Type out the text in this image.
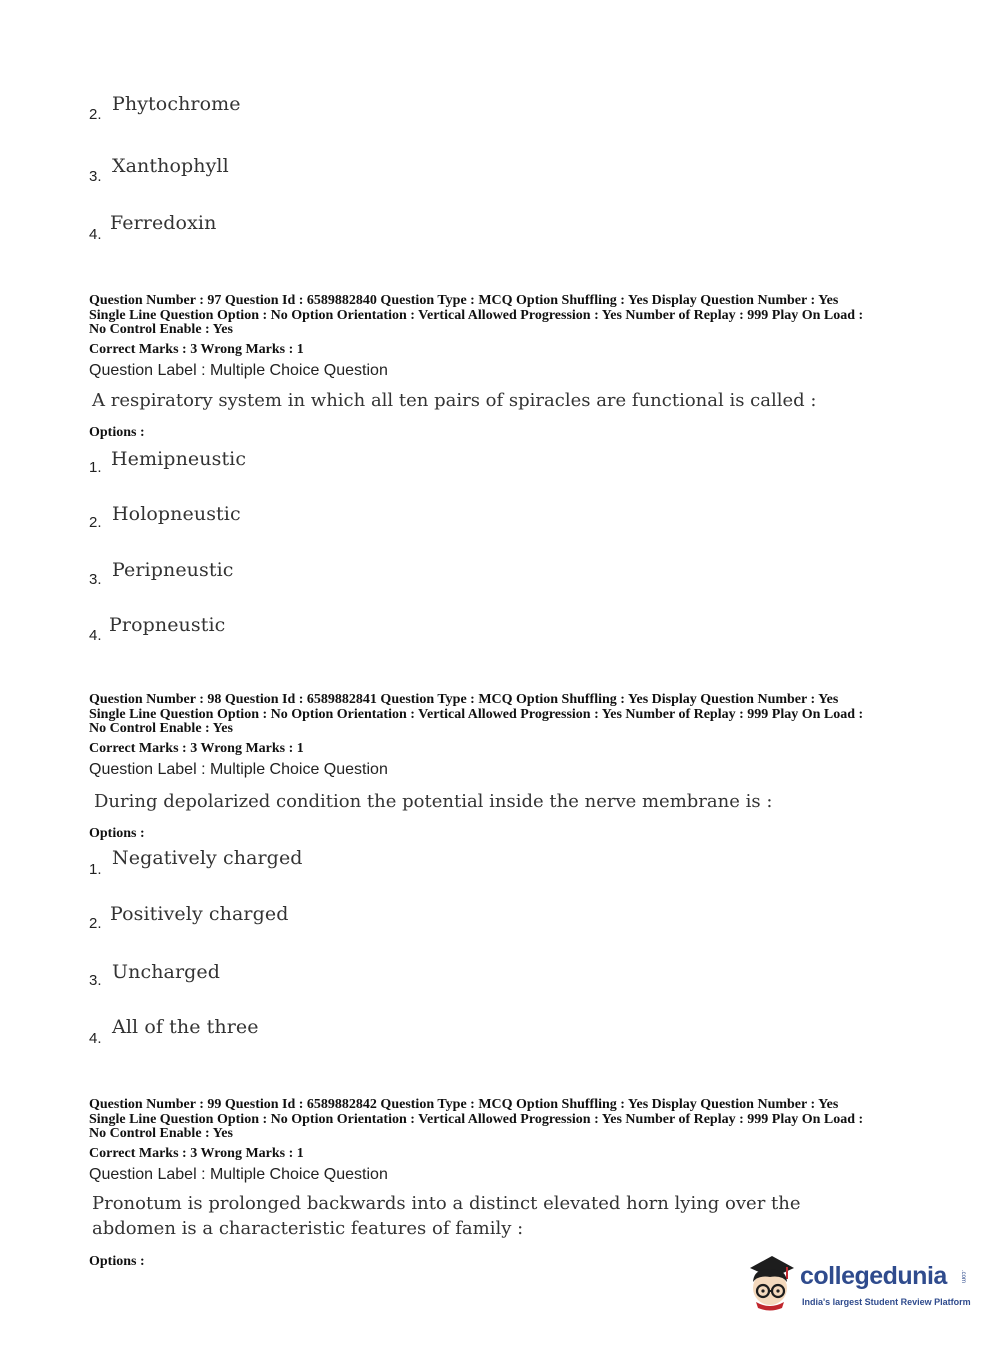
2. Phytochrome
3. Xanthophyll
4.
Ferredoxin
Question Number : 97 Question Id : 6589882840 Question Type : MCQ Option Shuffling : Yes Display Question Number : Yes
Single Line Question Option : No Option Orientation : Vertical Allowed Progression : Yes Number of Replay : 999 Play On Load :
No Control Enable : Yes
Correct Marks : 3 Wrong Marks : 1
Question Label : Multiple Choice Question
A respiratory system in which all ten pairs of spiracles are functional is called :
Options :
1. Hemipneustic
2. Holopneustic
3. Peripneustic
4. Propneustic
Question Number : 98 Question Id : 6589882841 Question Type : MCQ Option Shuffling : Yes Display Question Number : Yes
Single Line Question Option : No Option Orientation : Vertical Allowed Progression : Yes Number of Replay : 999 Play On Load :
No Control Enable : Yes
Correct Marks : 3 Wrong Marks : 1
Question Label : Multiple Choice Question
During depolarized condition the potential inside the nerve membrane is :
Options :
1.
Negatively charged
2. Positively charged
3. Uncharged
4.
All of the three
Question Number : 99 Question Id : 6589882842 Question Type : MCQ Option Shuffling : Yes Display Question Number : Yes
Single Line Question Option : No Option Orientation : Vertical Allowed Progression : Yes Number of Replay : 999 Play On Load :
No Control Enable : Yes
Correct Marks : 3 Wrong Marks : 1
Question Label : Multiple Choice Question
Pronotum is prolonged backwards into a distinct elevated horn lying over the
abdomen is a characteristic features of family :
Options :
collegedunia .com
India's largest Student Review Platform
